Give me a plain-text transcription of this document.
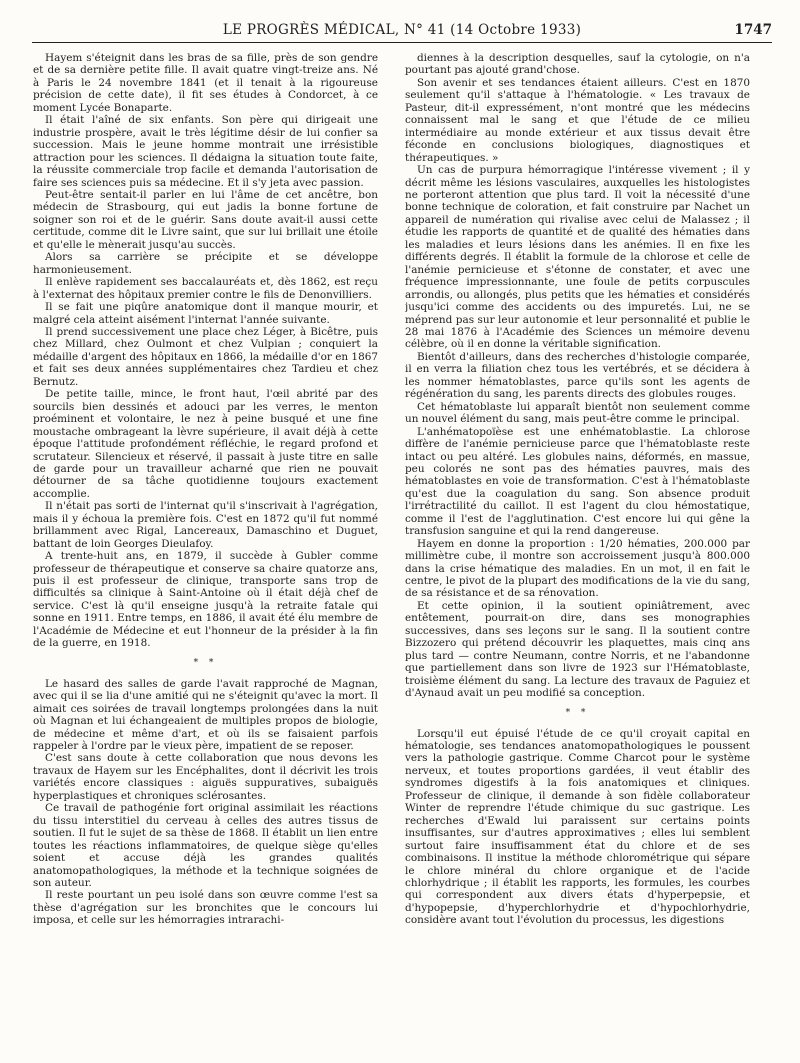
LE PROGRÈS MÉDICAL, N° 41 (14 Octobre 1933)	1747

Hayem s'éteignit dans les bras de sa fille, près de son gendre et de sa dernière petite fille. Il avait quatre vingt-treize ans. Né à Paris le 24 novembre 1841 (et il tenait à la rigoureuse précision de cette date), il fit ses études à Condorcet, à ce moment Lycée Bonaparte.

Il était l'aîné de six enfants. Son père qui dirigeait une industrie prospère, avait le très légitime désir de lui confier sa succession. Mais le jeune homme montrait une irrésistible attraction pour les sciences. Il dédaigna la situation toute faite, la réussite commerciale trop facile et demanda l'autorisation de faire ses sciences puis sa médecine. Et il s'y jeta avec passion.

Peut-être sentait-il parler en lui l'âme de cet ancêtre, bon médecin de Strasbourg, qui eut jadis la bonne fortune de soigner son roi et de le guérir. Sans doute avait-il aussi cette certitude, comme dit le Livre saint, que sur lui brillait une étoile et qu'elle le mènerait jusqu'au succès.

Alors sa carrière se précipite et se développe harmonieusement.

Il enlève rapidement ses baccalauréats et, dès 1862, est reçu à l'externat des hôpitaux premier contre le fils de Denonvilliers.

Il se fait une piqûre anatomique dont il manque mourir, et malgré cela atteint aisément l'internat l'année suivante.

Il prend successivement une place chez Léger, à Bicêtre, puis chez Millard, chez Oulmont et chez Vulpian ; conquiert la médaille d'argent des hôpitaux en 1866, la médaille d'or en 1867 et fait ses deux années supplémentaires chez Tardieu et chez Bernutz.

De petite taille, mince, le front haut, l'œil abrité par des sourcils bien dessinés et adouci par les verres, le menton proéminent et volontaire, le nez à peine busqué et une fine moustache ombrageant la lèvre supérieure, il avait déjà à cette époque l'attitude profondément réfléchie, le regard profond et scrutateur. Silencieux et réservé, il passait à juste titre en salle de garde pour un travailleur acharné que rien ne pouvait détourner de sa tâche quotidienne toujours exactement accomplie.

Il n'était pas sorti de l'internat qu'il s'inscrivait à l'agrégation, mais il y échoua la première fois. C'est en 1872 qu'il fut nommé brillamment avec Rigal, Lancereaux, Damaschino et Duguet, battant de loin Georges Dieulafoy.

A trente-huit ans, en 1879, il succède à Gubler comme professeur de thérapeutique et conserve sa chaire quatorze ans, puis il est professeur de clinique, transporte sans trop de difficultés sa clinique à Saint-Antoine où il était déjà chef de service. C'est là qu'il enseigne jusqu'à la retraite fatale qui sonne en 1911. Entre temps, en 1886, il avait été élu membre de l'Académie de Médecine et eut l'honneur de la présider à la fin de la guerre, en 1918.

* *

Le hasard des salles de garde l'avait rapproché de Magnan, avec qui il se lia d'une amitié qui ne s'éteignit qu'avec la mort. Il aimait ces soirées de travail longtemps prolongées dans la nuit où Magnan et lui échangeaient de multiples propos de biologie, de médecine et même d'art, et où ils se faisaient parfois rappeler à l'ordre par le vieux père, impatient de se reposer.

C'est sans doute à cette collaboration que nous devons les travaux de Hayem sur les Encéphalites, dont il décrivit les trois variétés encore classiques : aiguës suppuratives, subaiguës hyperplastiques et chroniques sclérosantes.

Ce travail de pathogénie fort original assimilait les réactions du tissu interstitiel du cerveau à celles des autres tissus de soutien. Il fut le sujet de sa thèse de 1868. Il établit un lien entre toutes les réactions inflammatoires, de quelque siège qu'elles soient et accuse déjà les grandes qualités anatomopathologiques, la méthode et la technique soignées de son auteur.

Il reste pourtant un peu isolé dans son œuvre comme l'est sa thèse d'agrégation sur les bronchites que le concours lui imposa, et celle sur les hémorragies intrarachi-

diennes à la description desquelles, sauf la cytologie, on n'a pourtant pas ajouté grand'chose.

Son avenir et ses tendances étaient ailleurs. C'est en 1870 seulement qu'il s'attaque à l'hématologie. « Les travaux de Pasteur, dit-il expressément, n'ont montré que les médecins connaissent mal le sang et que l'étude de ce milieu intermédiaire au monde extérieur et aux tissus devait être féconde en conclusions biologiques, diagnostiques et thérapeutiques. »

Un cas de purpura hémorragique l'intéresse vivement ; il y décrit même les lésions vasculaires, auxquelles les histologistes ne porteront attention que plus tard. Il voit la nécessité d'une bonne technique de coloration, et fait construire par Nachet un appareil de numération qui rivalise avec celui de Malassez ; il étudie les rapports de quantité et de qualité des hématies dans les maladies et leurs lésions dans les anémies. Il en fixe les différents degrés. Il établit la formule de la chlorose et celle de l'anémie pernicieuse et s'étonne de constater, et avec une fréquence impressionnante, une foule de petits corpuscules arrondis, ou allongés, plus petits que les hématies et considérés jusqu'ici comme des accidents ou des impuretés. Lui, ne se méprend pas sur leur autonomie et leur personnalité et publie le 28 mai 1876 à l'Académie des Sciences un mémoire devenu célèbre, où il en donne la véritable signification.

Bientôt d'ailleurs, dans des recherches d'histologie comparée, il en verra la filiation chez tous les vertébrés, et se décidera à les nommer hématoblastes, parce qu'ils sont les agents de régénération du sang, les parents directs des globules rouges.

Cet hématoblaste lui apparaît bientôt non seulement comme un nouvel élément du sang, mais peut-être comme le principal.

L'anhématopoïèse est une enhématoblastie. La chlorose diffère de l'anémie pernicieuse parce que l'hématoblaste reste intact ou peu altéré. Les globules nains, déformés, en massue, peu colorés ne sont pas des hématies pauvres, mais des hématoblastes en voie de transformation. C'est à l'hématoblaste qu'est due la coagulation du sang. Son absence produit l'irrétractilité du caillot. Il est l'agent du clou hémostatique, comme il l'est de l'agglutination. C'est encore lui qui gêne la transfusion sanguine et qui la rend dangereuse.

Hayem en donne la proportion : 1/20 hématies, 200.000 par millimètre cube, il montre son accroissement jusqu'à 800.000 dans la crise hématique des maladies. En un mot, il en fait le centre, le pivot de la plupart des modifications de la vie du sang, de sa résistance et de sa rénovation.

Et cette opinion, il la soutient opiniâtrement, avec entêtement, pourrait-on dire, dans ses monographies successives, dans ses leçons sur le sang. Il la soutient contre Bizzozero qui prétend découvrir les plaquettes, mais cinq ans plus tard — contre Neumann, contre Norris, et ne l'abandonne que partiellement dans son livre de 1923 sur l'Hématoblaste, troisième élément du sang. La lecture des travaux de Paguiez et d'Aynaud avait un peu modifié sa conception.

* *

Lorsqu'il eut épuisé l'étude de ce qu'il croyait capital en hématologie, ses tendances anatomopathologiques le poussent vers la pathologie gastrique. Comme Charcot pour le système nerveux, et toutes proportions gardées, il veut établir des syndromes digestifs à la fois anatomiques et cliniques. Professeur de clinique, il demande à son fidèle collaborateur Winter de reprendre l'étude chimique du suc gastrique. Les recherches d'Ewald lui paraissent sur certains points insuffisantes, sur d'autres approximatives ; elles lui semblent surtout faire insuffisamment état du chlore et de ses combinaisons. Il institue la méthode chlorométrique qui sépare le chlore minéral du chlore organique et de l'acide chlorhydrique ; il établit les rapports, les formules, les courbes qui correspondent aux divers états d'hyperpepsie, et d'hypopepsie, d'hyperchlorhydrie et d'hypochlorhydrie, considère avant tout l'évolution du processus, les digestions
